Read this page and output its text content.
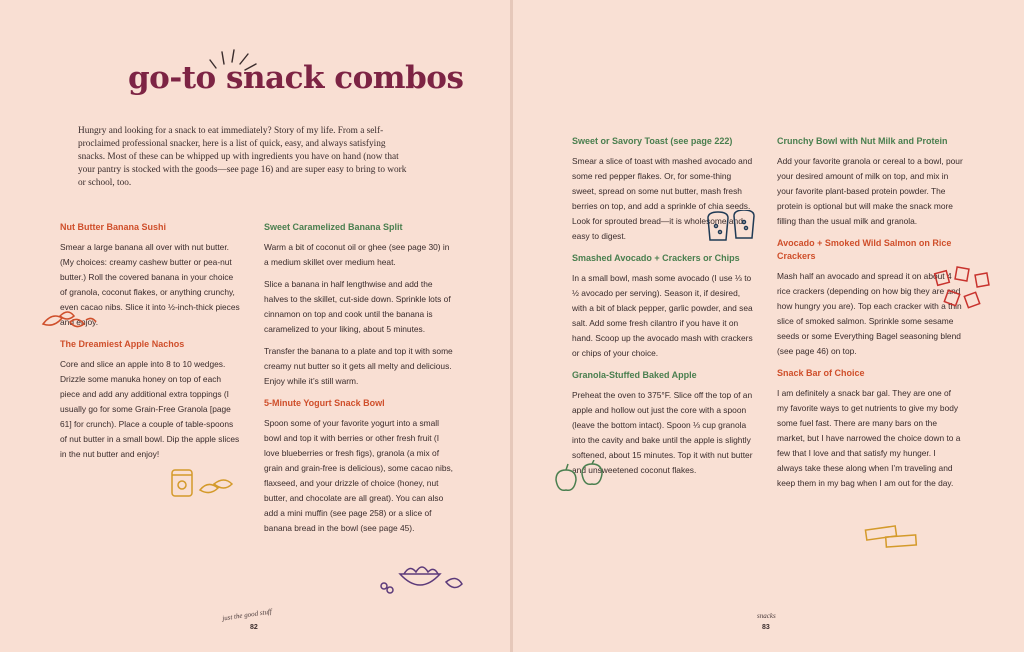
go-to snack combos
Hungry and looking for a snack to eat immediately? Story of my life. From a self-proclaimed professional snacker, here is a list of quick, easy, and always satisfying snacks. Most of these can be whipped up with ingredients you have on hand (now that your pantry is stocked with the goods—see page 16) and are super easy to bring to work or school, too.
Nut Butter Banana Sushi

Smear a large banana all over with nut butter. (My choices: creamy cashew butter or pea-nut butter.) Roll the covered banana in your choice of granola, coconut flakes, or anything crunchy, even cacao nibs. Slice it into ½-inch-thick pieces and enjoy.

The Dreamiest Apple Nachos

Core and slice an apple into 8 to 10 wedges. Drizzle some manuka honey on top of each piece and add any additional extra toppings (I usually go for some Grain-Free Granola [page 61] for crunch). Place a couple of table-spoons of nut butter in a small bowl. Dip the apple slices in the nut butter and enjoy!

Sweet Caramelized Banana Split

Warm a bit of coconut oil or ghee (see page 30) in a medium skillet over medium heat.

Slice a banana in half lengthwise and add the halves to the skillet, cut-side down. Sprinkle lots of cinnamon on top and cook until the banana is caramelized to your liking, about 5 minutes.

Transfer the banana to a plate and top it with some creamy nut butter so it gets all melty and delicious. Enjoy while it’s still warm.

5-Minute Yogurt Snack Bowl

Spoon some of your favorite yogurt into a small bowl and top it with berries or other fresh fruit (I love blueberries or fresh figs), granola (a mix of grain and grain-free is delicious), some cacao nibs, flaxseed, and your drizzle of choice (honey, nut butter, and chocolate are all great). You can also add a mini muffin (see page 258) or a slice of banana bread in the bowl (see page 45).

Sweet or Savory Toast (see page 222)

Smear a slice of toast with mashed avocado and some red pepper flakes. Or, for some-thing sweet, spread on some nut butter, mash fresh berries on top, and add a sprinkle of chia seeds. Look for sprouted bread—it is wholesome and easy to digest.

Smashed Avocado + Crackers or Chips

In a small bowl, mash some avocado (I use ⅓ to ½ avocado per serving). Season it, if desired, with a bit of black pepper, garlic powder, and sea salt. Add some fresh cilantro if you have it on hand. Scoop up the avocado mash with crackers or chips of your choice.

Granola-Stuffed Baked Apple

Preheat the oven to 375°F. Slice off the top of an apple and hollow out just the core with a spoon (leave the bottom intact). Spoon ⅓ cup granola into the cavity and bake until the apple is slightly softened, about 15 minutes. Top it with nut butter and unsweetened coconut flakes.

Crunchy Bowl with Nut Milk and Protein

Add your favorite granola or cereal to a bowl, pour your desired amount of milk on top, and mix in your favorite plant-based protein powder. The protein is optional but will make the snack more filling than the usual milk and granola.

Avocado + Smoked Wild Salmon on Rice Crackers

Mash half an avocado and spread it on about 4 rice crackers (depending on how big they are and how hungry you are). Top each cracker with a thin slice of smoked salmon. Sprinkle some sesame seeds or some Everything Bagel seasoning blend (see page 46) on top.

Snack Bar of Choice

I am definitely a snack bar gal. They are one of my favorite ways to get nutrients to give my body some fuel fast. There are many bars on the market, but I have narrowed the choice down to a few that I love and that satisfy my hunger. I always take these along when I’m traveling and keep them in my bag when I am out for the day.

just the good stuff
82
snacks
83
